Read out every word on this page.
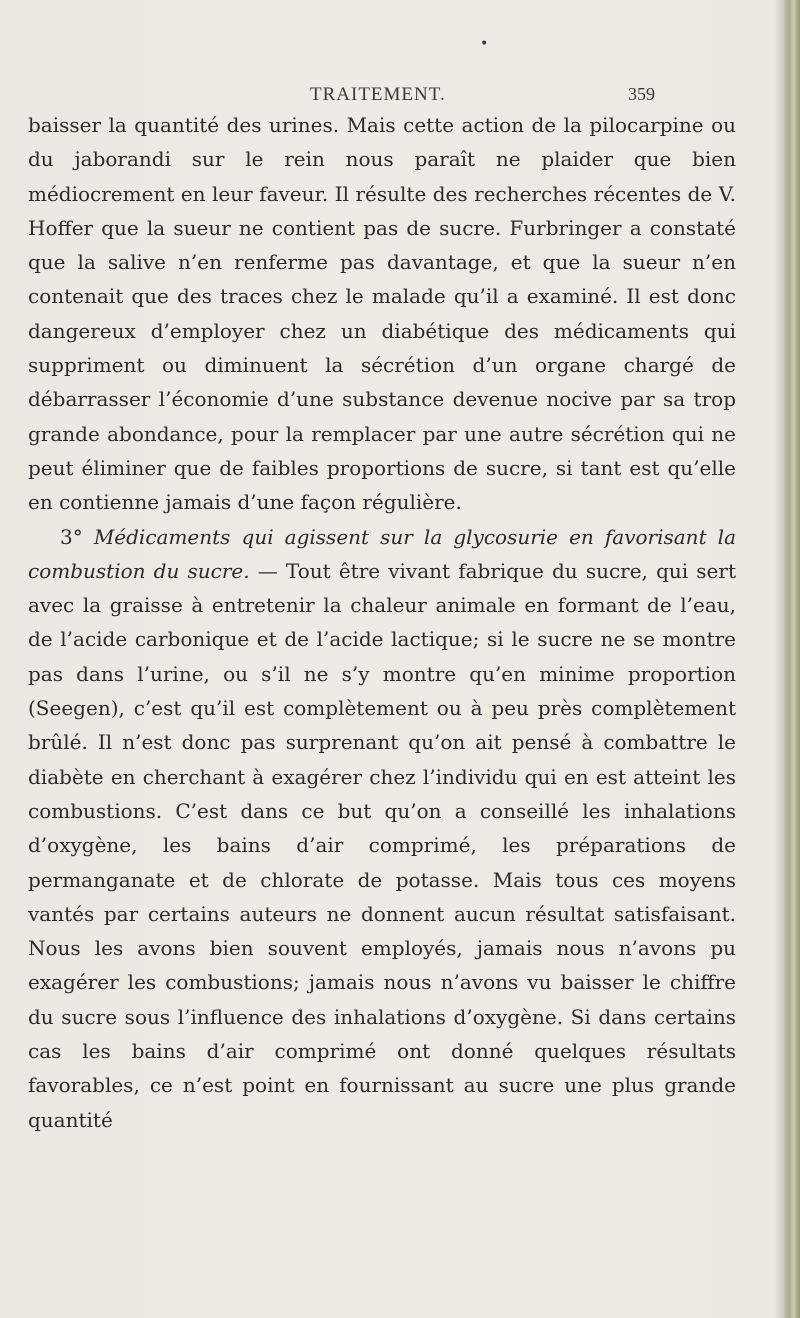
•
TRAITEMENT.	359

baisser la quantité des urines. Mais cette action de la pilocarpine ou du jaborandi sur le rein nous paraît ne plaider que bien médiocrement en leur faveur. Il résulte des recherches récentes de V. Hoffer que la sueur ne contient pas de sucre. Furbringer a constaté que la salive n’en renferme pas davantage, et que la sueur n’en contenait que des traces chez le malade qu’il a examiné. Il est donc dangereux d’employer chez un diabétique des médicaments qui suppriment ou diminuent la sécrétion d’un organe chargé de débarrasser l’économie d’une substance devenue nocive par sa trop grande abondance, pour la remplacer par une autre sécrétion qui ne peut éliminer que de faibles proportions de sucre, si tant est qu’elle en contienne jamais d’une façon régulière.

3° Médicaments qui agissent sur la glycosurie en favorisant la combustion du sucre. — Tout être vivant fabrique du sucre, qui sert avec la graisse à entretenir la chaleur animale en formant de l’eau, de l’acide carbonique et de l’acide lactique; si le sucre ne se montre pas dans l’urine, ou s’il ne s’y montre qu’en minime proportion (Seegen), c’est qu’il est complètement ou à peu près complètement brûlé. Il n’est donc pas surprenant qu’on ait pensé à combattre le diabète en cherchant à exagérer chez l’individu qui en est atteint les combustions. C’est dans ce but qu’on a conseillé les inhalations d’oxygène, les bains d’air comprimé, les préparations de permanganate et de chlorate de potasse. Mais tous ces moyens vantés par certains auteurs ne donnent aucun résultat satisfaisant. Nous les avons bien souvent employés, jamais nous n’avons pu exagérer les combustions; jamais nous n’avons vu baisser le chiffre du sucre sous l’influence des inhalations d’oxygène. Si dans certains cas les bains d’air comprimé ont donné quelques résultats favorables, ce n’est point en fournissant au sucre une plus grande quantité
